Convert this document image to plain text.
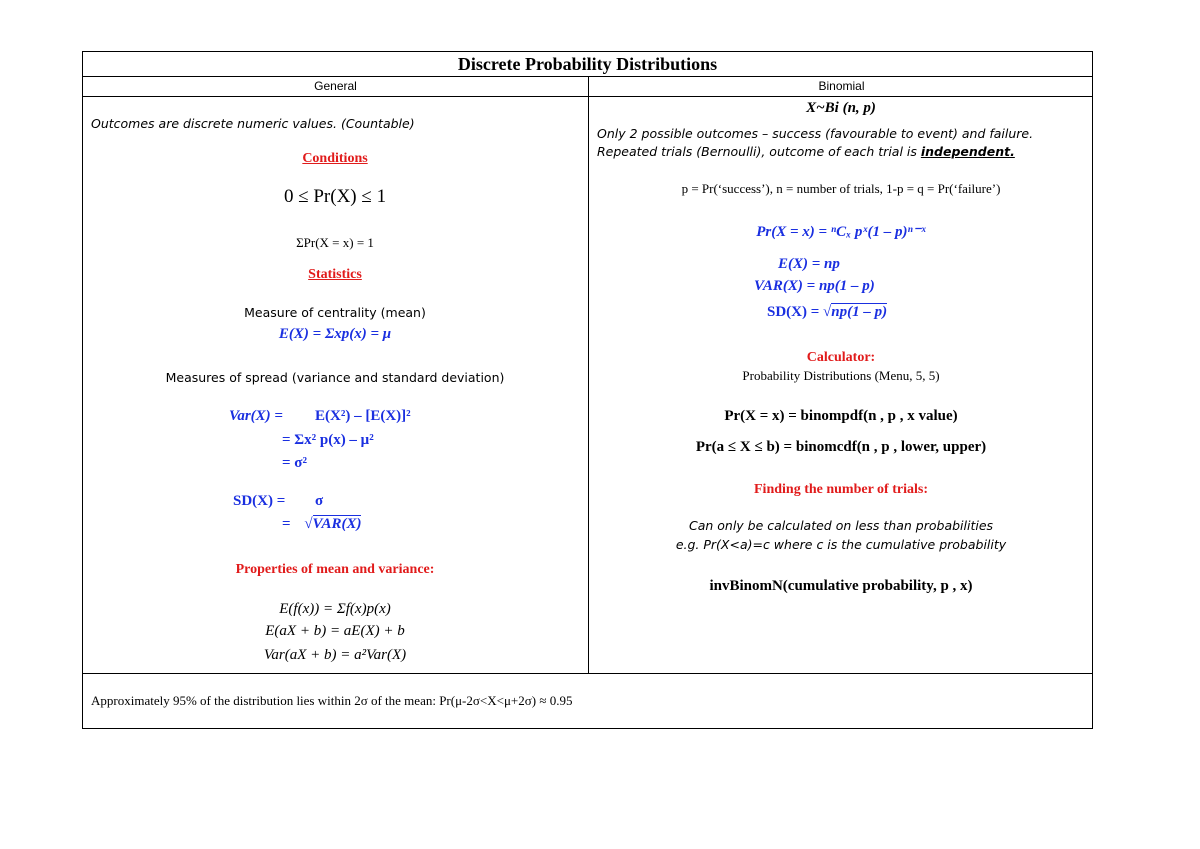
Discrete Probability Distributions
General	Binomial
Outcomes are discrete numeric values. (Countable)
Conditions
0 ≤ Pr(X) ≤ 1
ΣPr(X = x) = 1
Statistics
Measure of centrality (mean)
E(X) = Σxp(x) = μ
Measures of spread (variance and standard deviation)
Var(X) = E(X²) – [E(X)]²
= Σx² p(x) – μ²
= σ²
SD(X) = σ
= √VAR(X)
Properties of mean and variance:
E(f(x)) = Σf(x)p(x)
E(aX + b) = aE(X) + b
Var(aX + b) = a²Var(X)
X~Bi (n, p)
Only 2 possible outcomes – success (favourable to event) and failure.
Repeated trials (Bernoulli), outcome of each trial is independent.
p = Pr(‘success’), n = number of trials, 1-p = q = Pr(‘failure’)
Pr(X = x) = ⁿCₓ pˣ(1 – p)ⁿ⁻ˣ
E(X) = np
VAR(X) = np(1 – p)
SD(X) = √np(1 – p)
Calculator:
Probability Distributions (Menu, 5, 5)
Pr(X = x) = binompdf(n , p , x value)
Pr(a ≤ X ≤ b) = binomcdf(n , p , lower, upper)
Finding the number of trials:
Can only be calculated on less than probabilities
e.g. Pr(X<a)=c where c is the cumulative probability
invBinomN(cumulative probability, p , x)
Approximately 95% of the distribution lies within 2σ of the mean: Pr(μ-2σ<X<μ+2σ) ≈ 0.95
